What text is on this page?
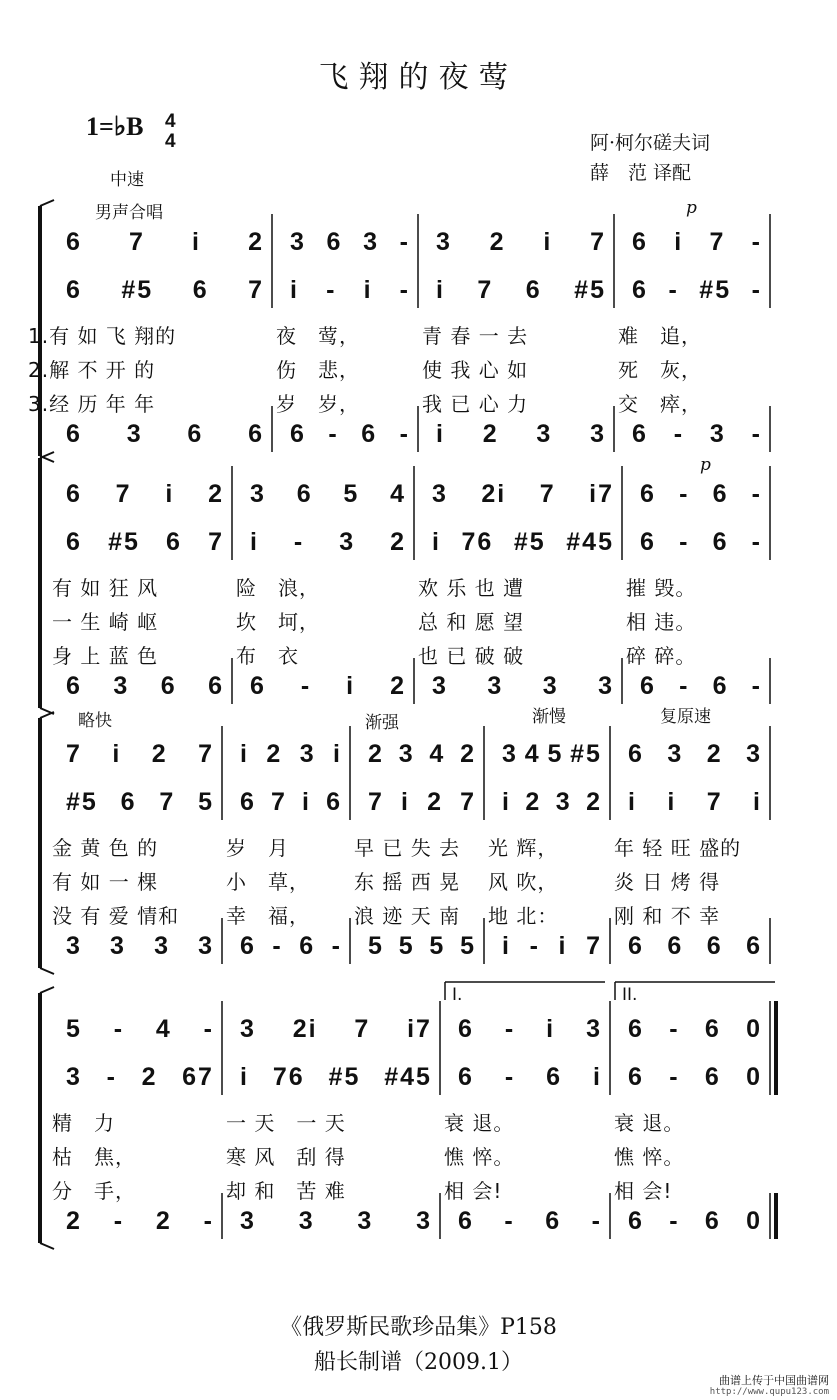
飞翔的夜莺
1=♭B 4
4	阿·柯尔磋夫词
薛　范 译配
中速
男声合唱	p
p
略快	渐强	渐慢	复原速
I.	II.
6 7 i 2
6 #5 6 7
6 3 6 6
1.有 如 飞 翔的
2.解 不 开 的
3.经 历 年 年
3 6 3 -
i - i -
6 - 6 -
夜　莺，
伤　悲，
岁　岁，
3 2 i 7
i 7 6 #5
i 2 3 3
青 春 一 去
使 我 心 如
我 已 心 力
6 i 7 -
6 - #5 -
6 - 3 -
难　追，
死　灰，
交　瘁，
6 7 i 2
6 #5 6 7
6 3 6 6
有 如 狂 风
一 生 崎 岖
身 上 蓝 色
3 6 5 4
i - 3 2
6 - i 2
险　浪，
坎　坷，
布　衣
3 2i 7 i7
i 76 #5 #45
3 3 3 3
欢 乐 也 遭
总 和 愿 望
也 已 破 破
6 - 6 -
6 - 6 -
6 - 6 -
摧 毁。
相 违。
碎 碎。
7 i 2 7
#5 6 7 5
3 3 3 3
金 黄 色 的
有 如 一 棵
没 有 爱 情和
i 2 3 i
6 7 i 6
6 - 6 -
岁　月
小　草，
幸　福，
2 3 4 2
7 i 2 7
5 5 5 5
早 已 失 去
东 摇 西 晃
浪 迹 天 南
3 4 5 #5
i 2 3 2
i - i 7
光 辉，
风 吹，
地 北：
6 3 2 3
i i 7 i
6 6 6 6
年 轻 旺 盛的
炎 日 烤 得
刚 和 不 幸
5 - 4 -
3 - 2 67
2 - 2 -
精　力
枯　焦，
分　手，
3 2i 7 i7
i 76 #5 #45
3 3 3 3
一 天　一 天
寒 风　刮 得
却 和　苦 难
6 - i 3
6 - 6 i
6 - 6 -
衰 退。
憔 悴。
相 会!
6 - 6 0
6 - 6 0
6 - 6 0
衰 退。
憔 悴。
相 会!
《俄罗斯民歌珍品集》P158
船长制谱（2009.1）
曲谱上传于中国曲谱网
http://www.qupu123.com
